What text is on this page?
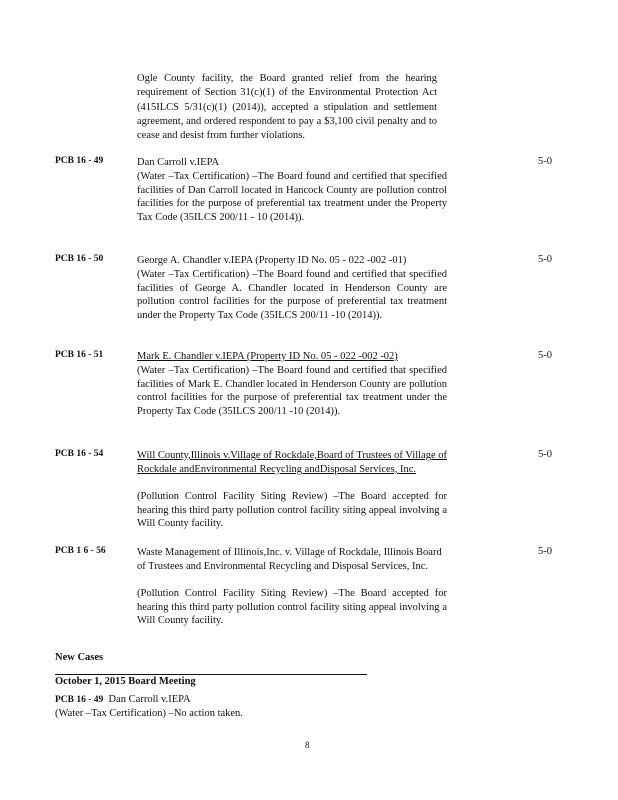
Ogle County facility, the Board granted relief from the hearing requirement of Section 31(c)(1) of the Environmental Protection Act (415ILCS 5/31(c)(1) (2014)), accepted a stipulation and settlement agreement, and ordered respondent to pay a $3,100 civil penalty and to cease and desist from further violations.
PCB 16 - 49	Dan Carroll v.IEPA
(Water –Tax Certification) –The Board found and certified that specified facilities of Dan Carroll located in Hancock County are pollution control facilities for the purpose of preferential tax treatment under the Property Tax Code (35ILCS 200/11 - 10 (2014)).
5-0
PCB 16 - 50	George A. Chandler v.IEPA (Property ID No. 05 - 022 -002 -01)
(Water –Tax Certification) –The Board found and certified that specified facilities of George A. Chandler located in Henderson County are pollution control facilities for the purpose of preferential tax treatment under the Property Tax Code (35ILCS 200/11 -10 (2014)).
5-0
PCB 16 - 51	Mark E. Chandler v.IEPA (Property ID No. 05 - 022 -002 -02)
(Water –Tax Certification) –The Board found and certified that specified facilities of Mark E. Chandler located in Henderson County are pollution control facilities for the purpose of preferential tax treatment under the Property Tax Code (35ILCS 200/11 -10 (2014)).
5-0
PCB 16 - 54	Will County,Illinois v.Village of Rockdale,Board of Trustees of Village of Rockdale andEnvironmental Recycling andDisposal Services, Inc.
(Pollution Control Facility Siting Review) –The Board accepted for hearing this third party pollution control facility siting appeal involving a Will County facility.
5-0
PCB 1 6 - 56	Waste Management of Illinois,Inc. v. Village of Rockdale, Illinois Board of Trustees and Environmental Recycling and Disposal Services, Inc.
(Pollution Control Facility Siting Review) –The Board accepted for hearing this third party pollution control facility siting appeal involving a Will County facility.
5-0
New Cases
October 1, 2015 Board Meeting
PCB 16 - 49 Dan Carroll v.IEPA
(Water –Tax Certification) –No action taken.
8
